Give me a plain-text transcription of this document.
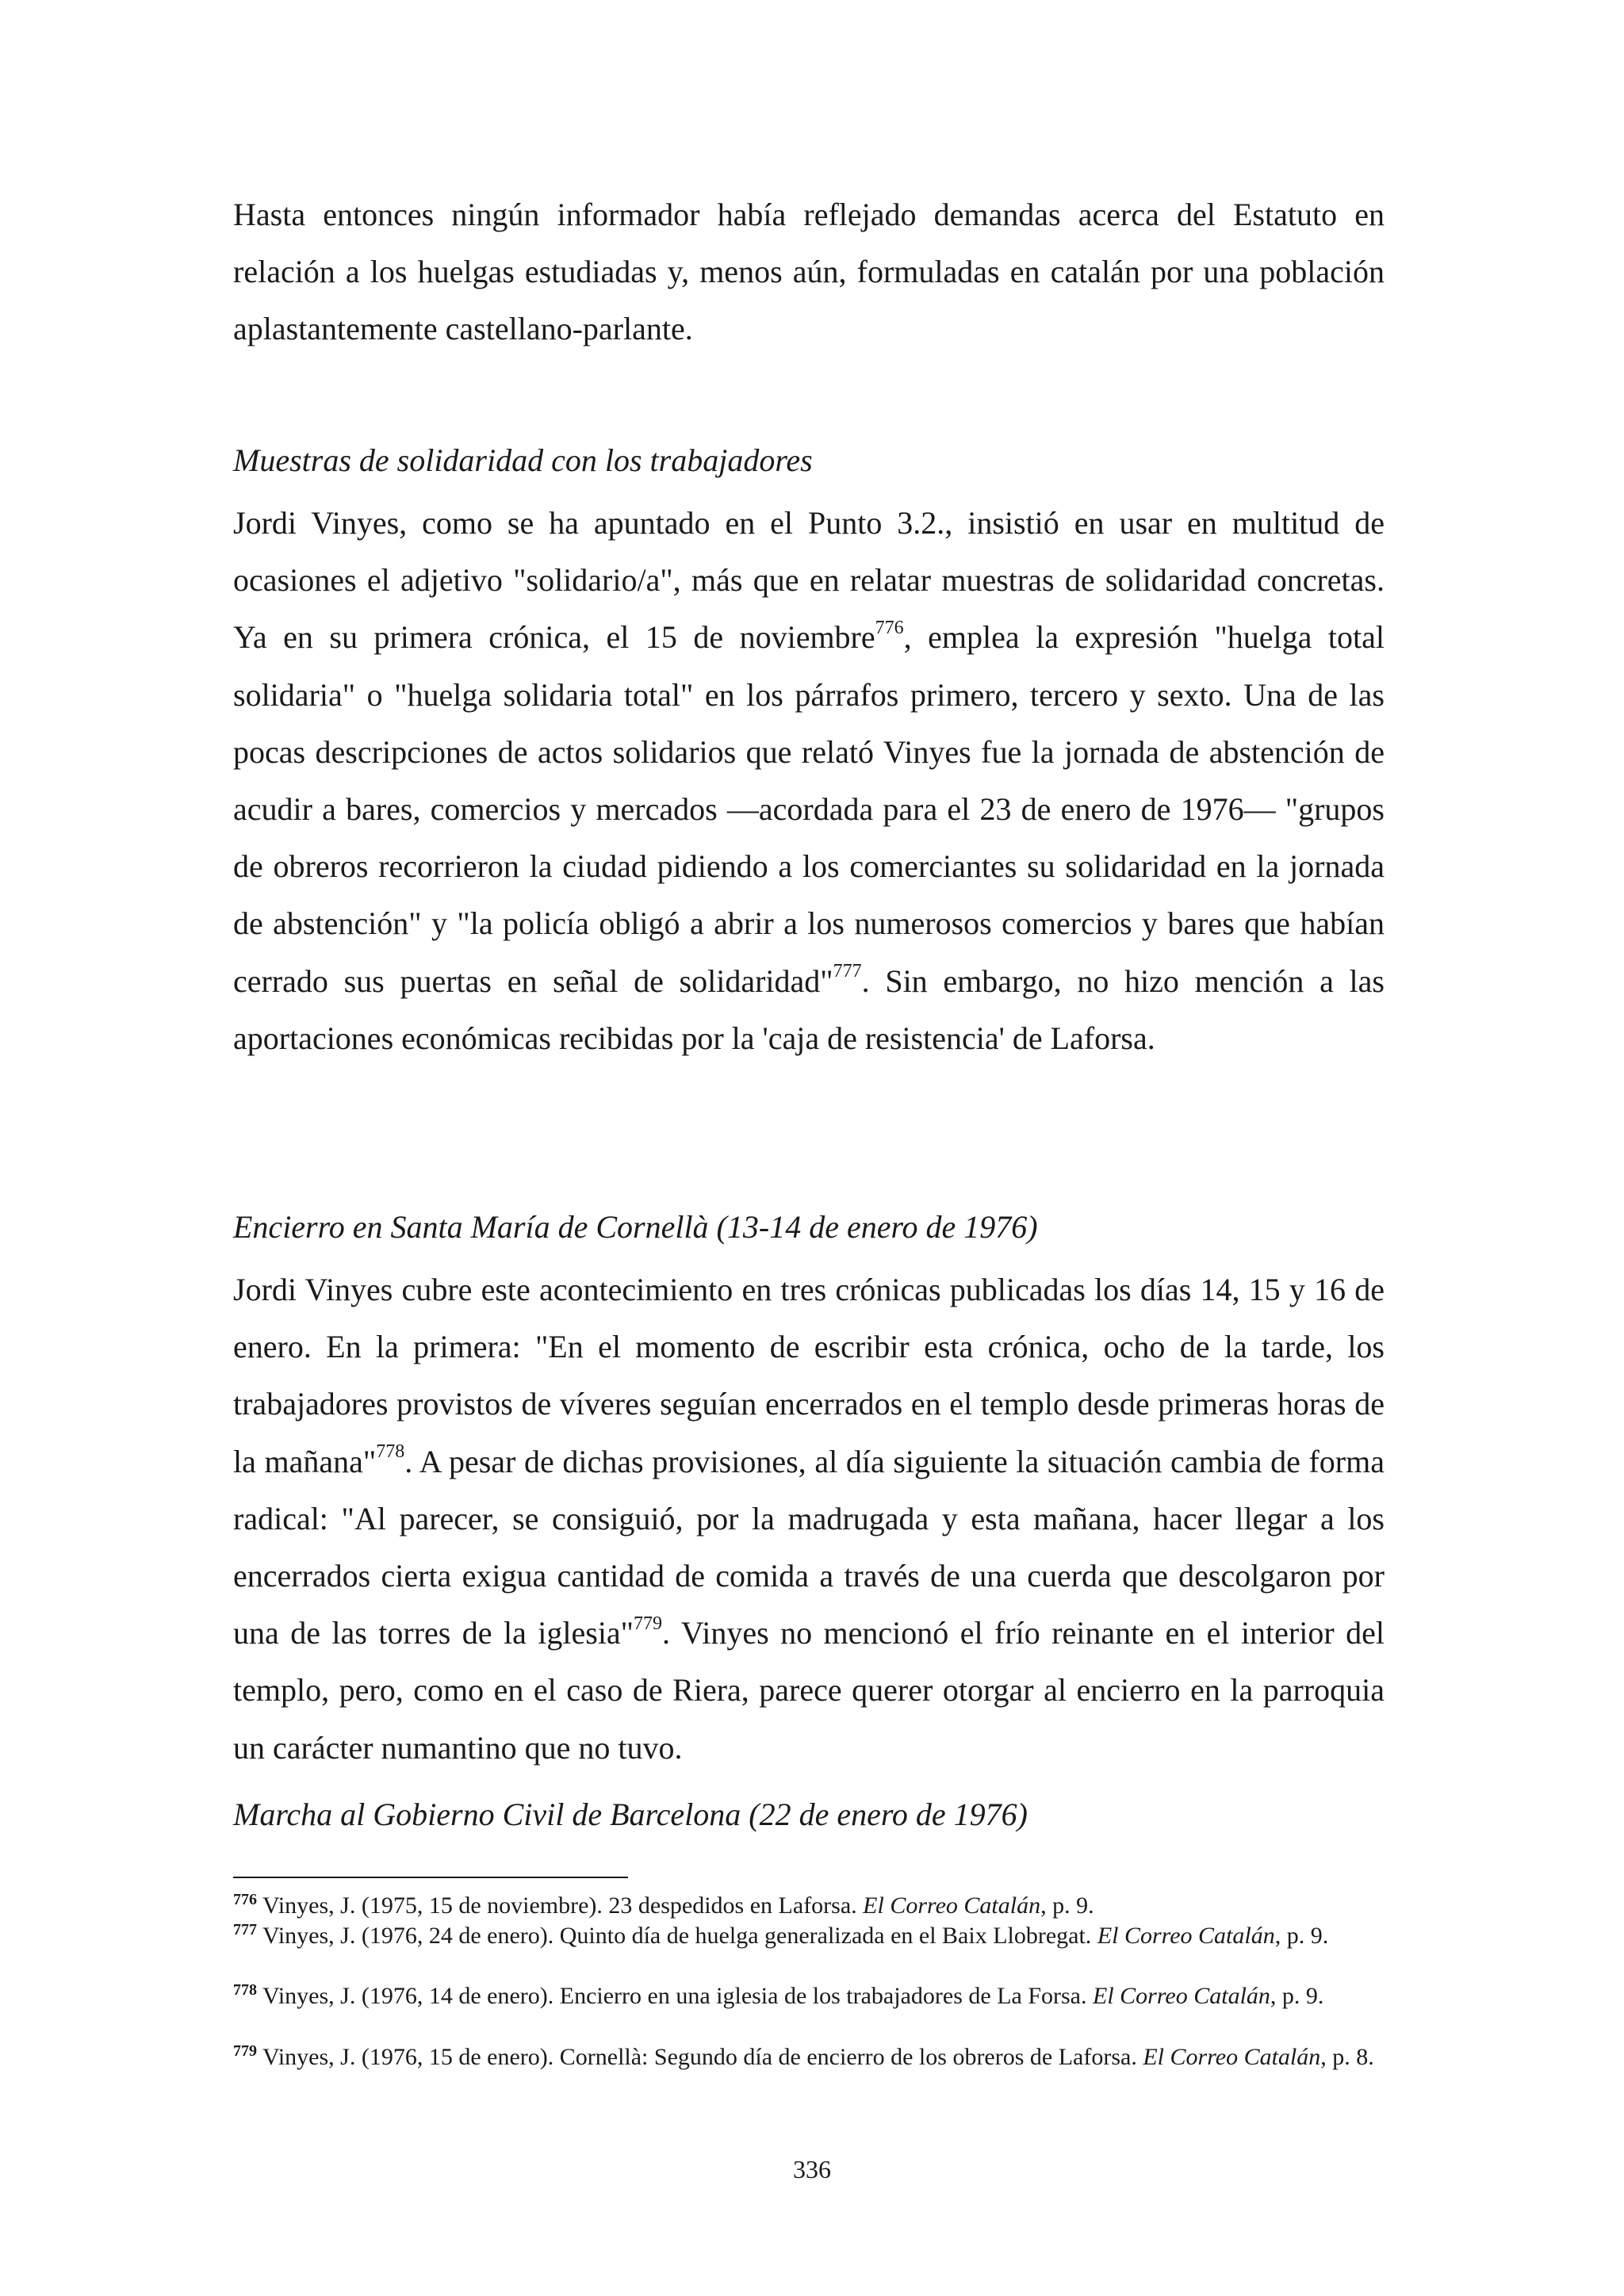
Hasta entonces ningún informador había reflejado demandas acerca del Estatuto en relación a los huelgas estudiadas y, menos aún, formuladas en catalán por una población aplastantemente castellano-parlante.

Muestras de solidaridad con los trabajadores

Jordi Vinyes, como se ha apuntado en el Punto 3.2., insistió en usar en multitud de ocasiones el adjetivo "solidario/a", más que en relatar muestras de solidaridad concretas. Ya en su primera crónica, el 15 de noviembre$^{776}$, emplea la expresión "huelga total solidaria" o "huelga solidaria total" en los párrafos primero, tercero y sexto. Una de las pocas descripciones de actos solidarios que relató Vinyes fue la jornada de abstención de acudir a bares, comercios y mercados —acordada para el 23 de enero de 1976— "grupos de obreros recorrieron la ciudad pidiendo a los comerciantes su solidaridad en la jornada de abstención" y "la policía obligó a abrir a los numerosos comercios y bares que habían cerrado sus puertas en señal de solidaridad"$^{777}$. Sin embargo, no hizo mención a las aportaciones económicas recibidas por la 'caja de resistencia' de Laforsa.

Encierro en Santa María de Cornellà (13-14 de enero de 1976)

Jordi Vinyes cubre este acontecimiento en tres crónicas publicadas los días 14, 15 y 16 de enero. En la primera: "En el momento de escribir esta crónica, ocho de la tarde, los trabajadores provistos de víveres seguían encerrados en el templo desde primeras horas de la mañana"$^{778}$. A pesar de dichas provisiones, al día siguiente la situación cambia de forma radical: "Al parecer, se consiguió, por la madrugada y esta mañana, hacer llegar a los encerrados cierta exigua cantidad de comida a través de una cuerda que descolgaron por una de las torres de la iglesia"$^{779}$. Vinyes no mencionó el frío reinante en el interior del templo, pero, como en el caso de Riera, parece querer otorgar al encierro en la parroquia un carácter numantino que no tuvo.

Marcha al Gobierno Civil de Barcelona (22 de enero de 1976)

$^{776}$ Vinyes, J. (1975, 15 de noviembre). 23 despedidos en Laforsa. El Correo Catalán, p. 9.

$^{777}$ Vinyes, J. (1976, 24 de enero). Quinto día de huelga generalizada en el Baix Llobregat. El Correo Catalán, p. 9.

$^{778}$ Vinyes, J. (1976, 14 de enero). Encierro en una iglesia de los trabajadores de La Forsa. El Correo Catalán, p. 9.

$^{779}$ Vinyes, J. (1976, 15 de enero). Cornellà: Segundo día de encierro de los obreros de Laforsa. El Correo Catalán, p. 8.

336
